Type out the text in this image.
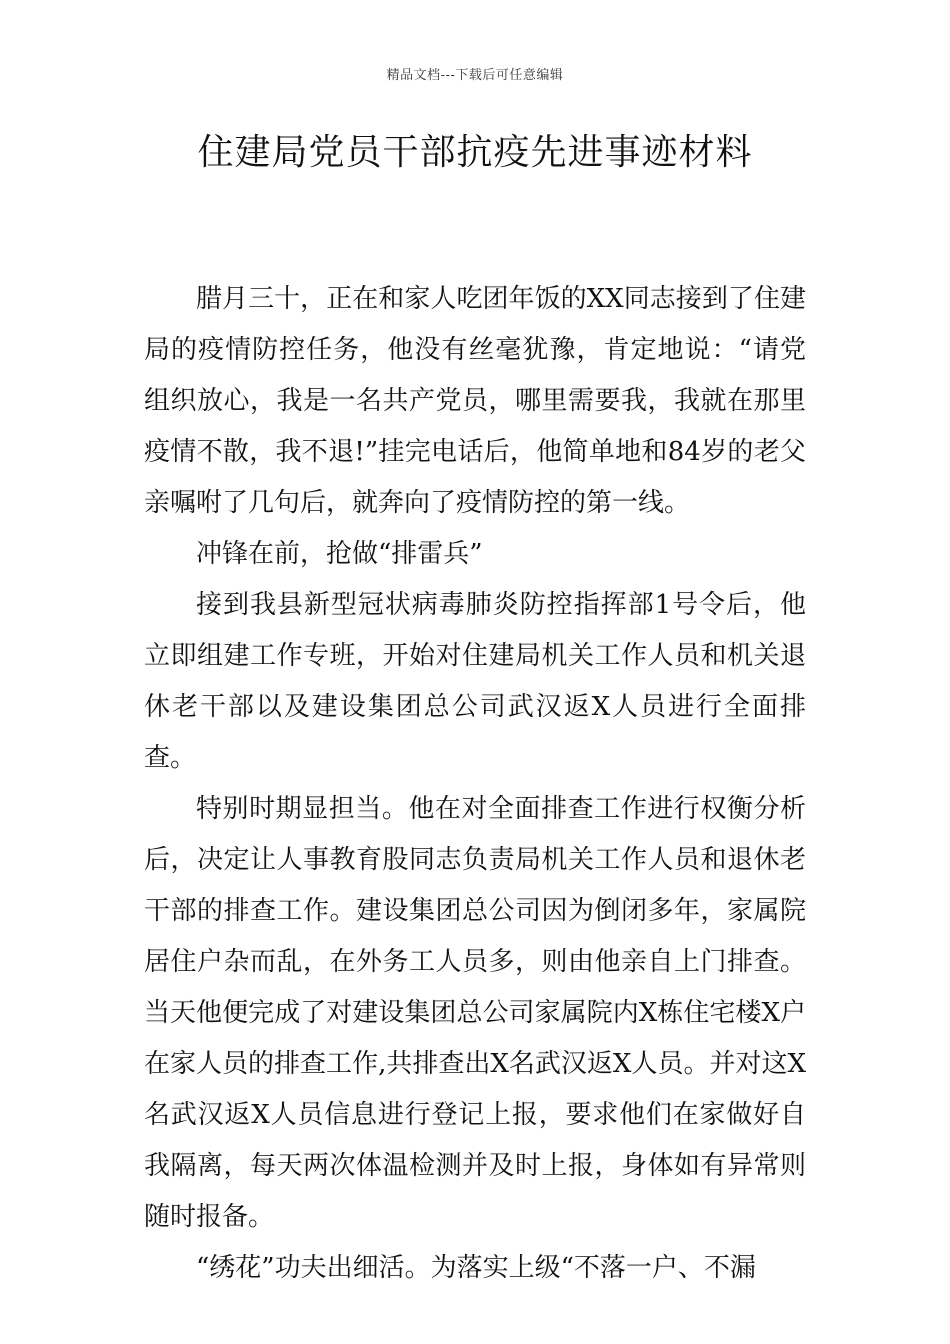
精品文档---下载后可任意编辑
住建局党员干部抗疫先进事迹材料

腊月三十，正在和家人吃团年饭的XX同志接到了住建局的疫情防控任务，他没有丝毫犹豫，肯定地说：“请党组织放心，我是一名共产党员，哪里需要我，我就在那里疫情不散，我不退!”挂完电话后，他简单地和84岁的老父亲嘱咐了几句后，就奔向了疫情防控的第一线。

冲锋在前，抢做“排雷兵”

接到我县新型冠状病毒肺炎防控指挥部1号令后，他立即组建工作专班，开始对住建局机关工作人员和机关退休老干部以及建设集团总公司武汉返X人员进行全面排查。

特别时期显担当。他在对全面排查工作进行权衡分析后，决定让人事教育股同志负责局机关工作人员和退休老干部的排查工作。建设集团总公司因为倒闭多年，家属院居住户杂而乱，在外务工人员多，则由他亲自上门排查。当天他便完成了对建设集团总公司家属院内X栋住宅楼X户在家人员的排查工作,共排查出X名武汉返X人员。并对这X名武汉返X人员信息进行登记上报，要求他们在家做好自我隔离，每天两次体温检测并及时上报，身体如有异常则随时报备。

“绣花”功夫出细活。为落实上级“不落一户、不漏
